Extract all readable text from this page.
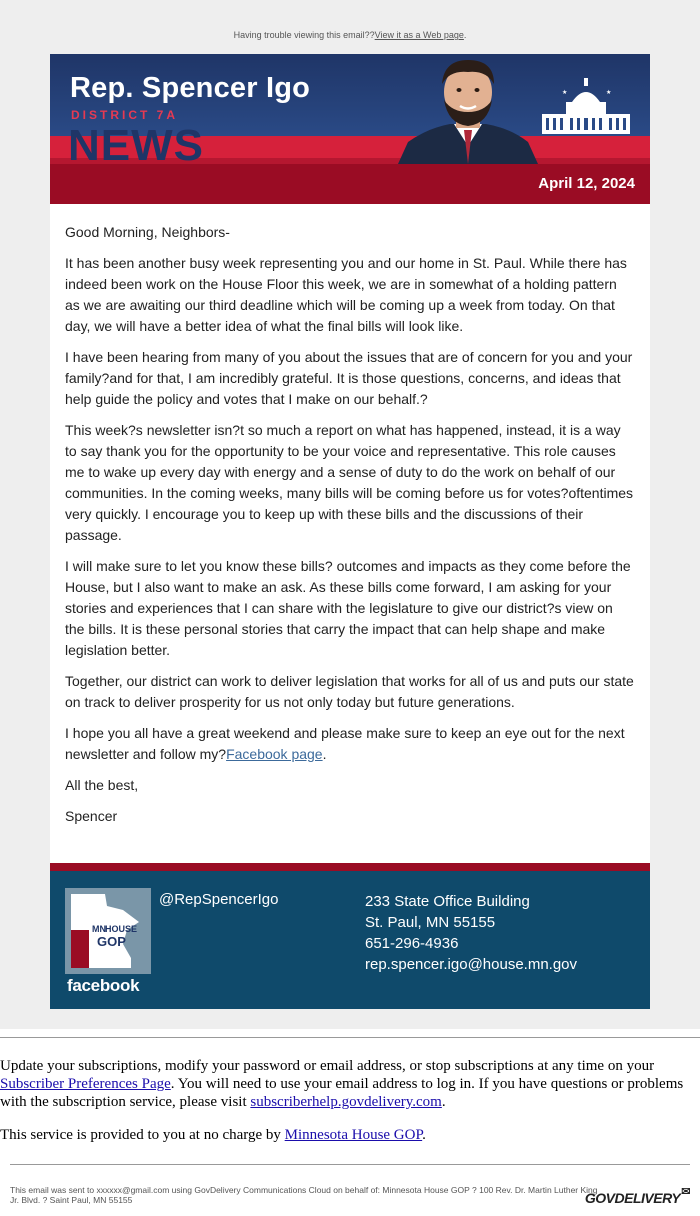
Having trouble viewing this email??View it as a Web page.
Rep. Spencer Igo
DISTRICT 7A
NEWS
★	★
April 12, 2024

Good Morning, Neighbors-

It has been another busy week representing you and our home in St. Paul. While there has indeed been work on the House Floor this week, we are in somewhat of a holding pattern as we are awaiting our third deadline which will be coming up a week from today. On that day, we will have a better idea of what the final bills will look like.

I have been hearing from many of you about the issues that are of concern for you and your family?and for that, I am incredibly grateful. It is those questions, concerns, and ideas that help guide the policy and votes that I make on our behalf.?

This week?s newsletter isn?t so much a report on what has happened, instead, it is a way to say thank you for the opportunity to be your voice and representative. This role causes me to wake up every day with energy and a sense of duty to do the work on behalf of our communities. In the coming weeks, many bills will be coming before us for votes?oftentimes very quickly. I encourage you to keep up with these bills and the discussions of their passage.

I will make sure to let you know these bills? outcomes and impacts as they come before the House, but I also want to make an ask. As these bills come forward, I am asking for your stories and experiences that I can share with the legislature to give our district?s view on the bills. It is these personal stories that carry the impact that can help shape and make legislation better.

Together, our district can work to deliver legislation that works for all of us and puts our state on track to deliver prosperity for us not only today but future generations.

I hope you all have a great weekend and please make sure to keep an eye out for the next newsletter and follow my?Facebook page.

All the best,

Spencer

MN HOUSE
GOP
facebook
@RepSpencerIgo	233 State Office Building
St. Paul, MN 55155
651-296-4936
rep.spencer.igo@house.mn.gov

Update your subscriptions, modify your password or email address, or stop subscriptions at any time on your Subscriber Preferences Page. You will need to use your email address to log in. If you have questions or problems with the subscription service, please visit subscriberhelp.govdelivery.com.

This service is provided to you at no charge by Minnesota House GOP.

This email was sent to xxxxxx@gmail.com using GovDelivery Communications Cloud on behalf of: Minnesota House GOP ? 100 Rev. Dr. Martin Luther King Jr. Blvd. ? Saint Paul, MN 55155	GOVDELIVERY✉
